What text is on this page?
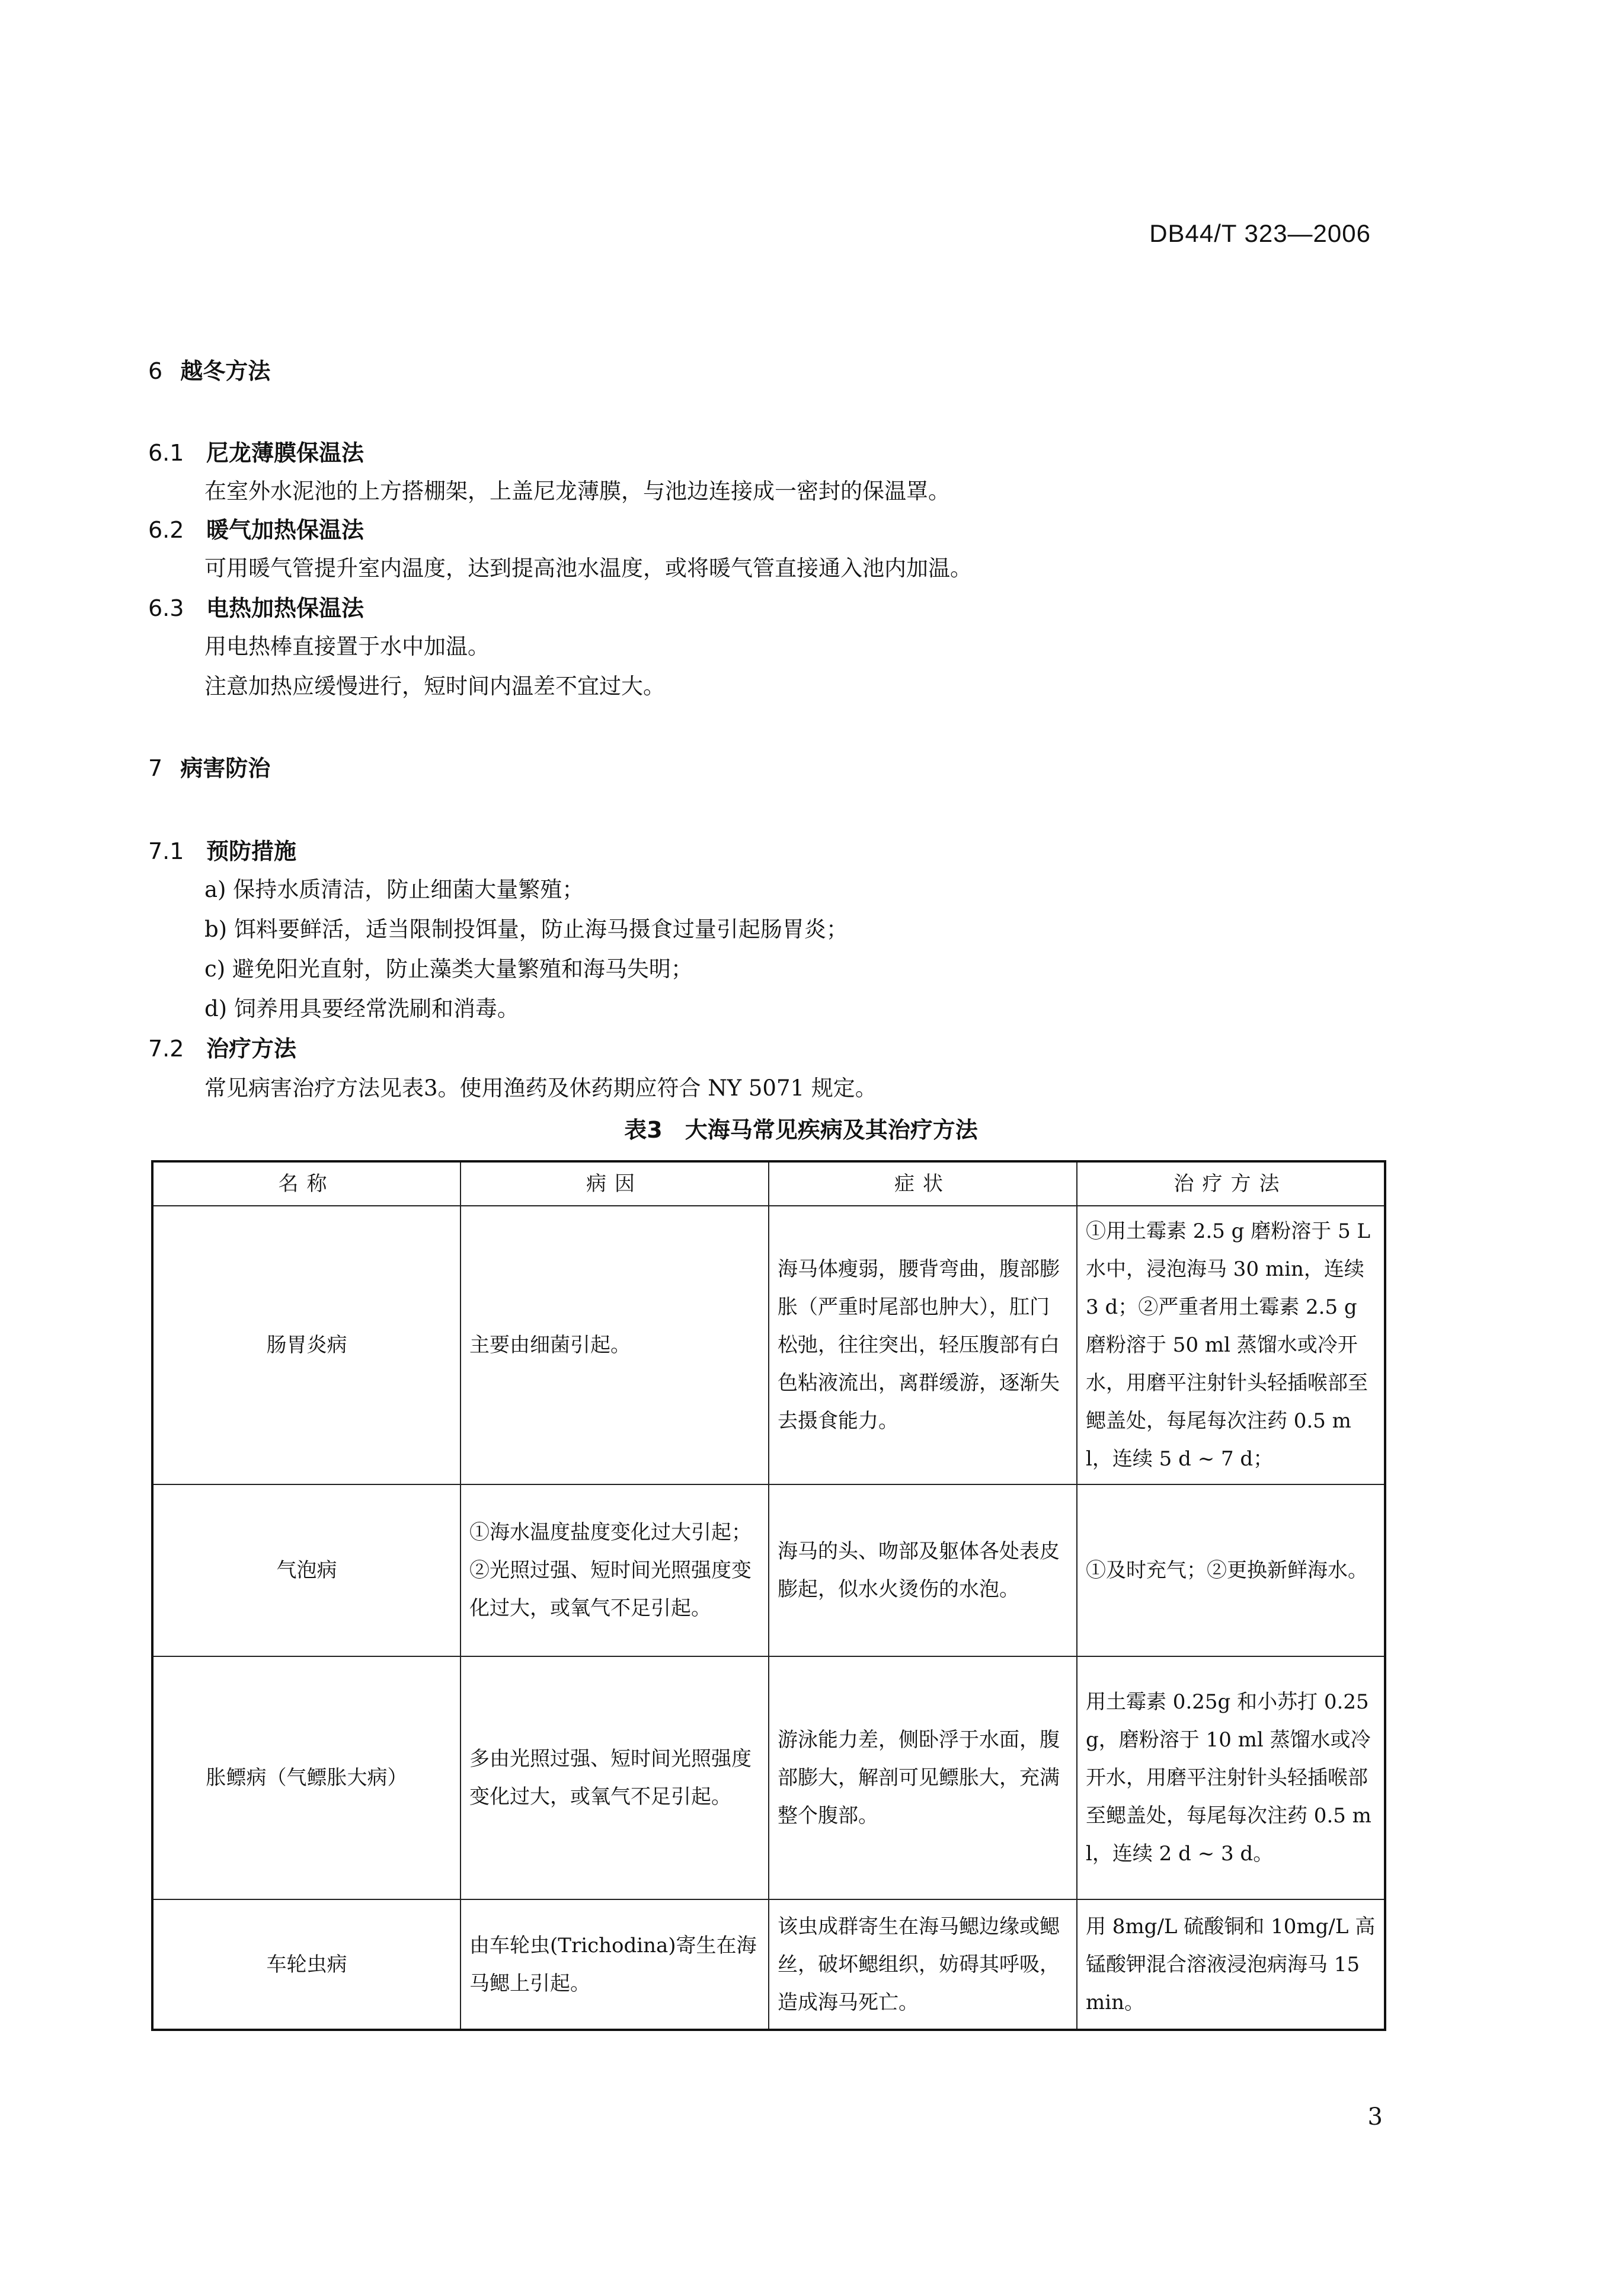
DB44/T 323—2006
6 越冬方法
6.1 尼龙薄膜保温法
在室外水泥池的上方搭棚架，上盖尼龙薄膜，与池边连接成一密封的保温罩。
6.2 暖气加热保温法
可用暖气管提升室内温度，达到提高池水温度，或将暖气管直接通入池内加温。
6.3 电热加热保温法
用电热棒直接置于水中加温。
注意加热应缓慢进行，短时间内温差不宜过大。
7 病害防治
7.1 预防措施
a) 保持水质清洁，防止细菌大量繁殖；
b) 饵料要鲜活，适当限制投饵量，防止海马摄食过量引起肠胃炎；
c) 避免阳光直射，防止藻类大量繁殖和海马失明；
d) 饲养用具要经常洗刷和消毒。
7.2 治疗方法
常见病害治疗方法见表3。使用渔药及休药期应符合 NY 5071 规定。
表3　大海马常见疾病及其治疗方法
名称	病因	症状	治疗方法
肠胃炎病	主要由细菌引起。	海马体瘦弱，腰背弯曲，腹部膨胀（严重时尾部也肿大），肛门松弛，往往突出，轻压腹部有白色粘液流出，离群缓游，逐渐失去摄食能力。	①用土霉素 2.5 g 磨粉溶于 5 L 水中，浸泡海马 30 min，连续 3 d；②严重者用土霉素 2.5 g 磨粉溶于 50 ml 蒸馏水或冷开水，用磨平注射针头轻插喉部至鳃盖处，每尾每次注药 0.5 ml，连续 5 d ~ 7 d；
气泡病	①海水温度盐度变化过大引起；②光照过强、短时间光照强度变化过大，或氧气不足引起。	海马的头、吻部及躯体各处表皮膨起，似水火烫伤的水泡。	①及时充气；②更换新鲜海水。
胀鳔病（气鳔胀大病）	多由光照过强、短时间光照强度变化过大，或氧气不足引起。	游泳能力差，侧卧浮于水面，腹部膨大，解剖可见鳔胀大，充满整个腹部。	用土霉素 0.25g 和小苏打 0.25g，磨粉溶于 10 ml 蒸馏水或冷开水，用磨平注射针头轻插喉部至鳃盖处，每尾每次注药 0.5 ml，连续 2 d ~ 3 d。
车轮虫病	由车轮虫(Trichodina)寄生在海马鳃上引起。	该虫成群寄生在海马鳃边缘或鳃丝，破坏鳃组织，妨碍其呼吸，造成海马死亡。	用 8mg/L 硫酸铜和 10mg/L 高锰酸钾混合溶液浸泡病海马 15 min。
3
